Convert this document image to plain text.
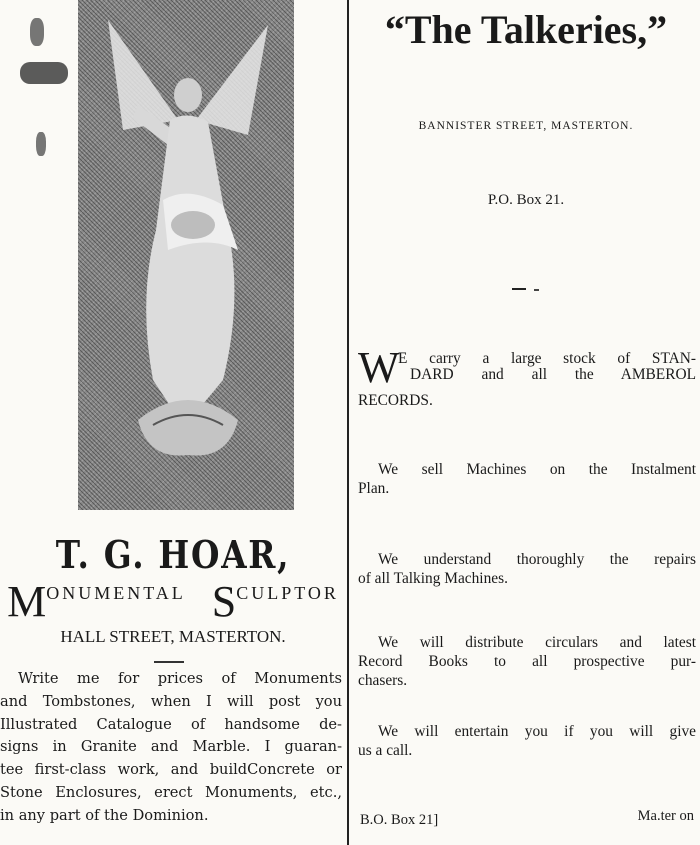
T. G. HOAR,
M ONUMENTAL S CULPTOR
HALL STREET, MASTERTON.
Write me for prices of Monuments
and Tombstones, when I will post you
Illustrated Catalogue of handsome de-
signs in Granite and Marble. I guaran-
tee first-class work, and buildConcrete or
Stone Enclosures, erect Monuments, etc.,
in any part of the Dominion.
“The Talkeries,”
BANNISTER STREET, MASTERTON.
P.O. Box 21.
W
E carry a large stock of STAN-
DARD and all the AMBEROL
RECORDS.
We sell Machines on the Instalment
Plan.
We understand thoroughly the repairs
of all Talking Machines.
We will distribute circulars and latest
Record Books to all prospective pur-
chasers.
We will entertain you if you will give
us a call.
B.O. Box 21]	Ma.ter on
